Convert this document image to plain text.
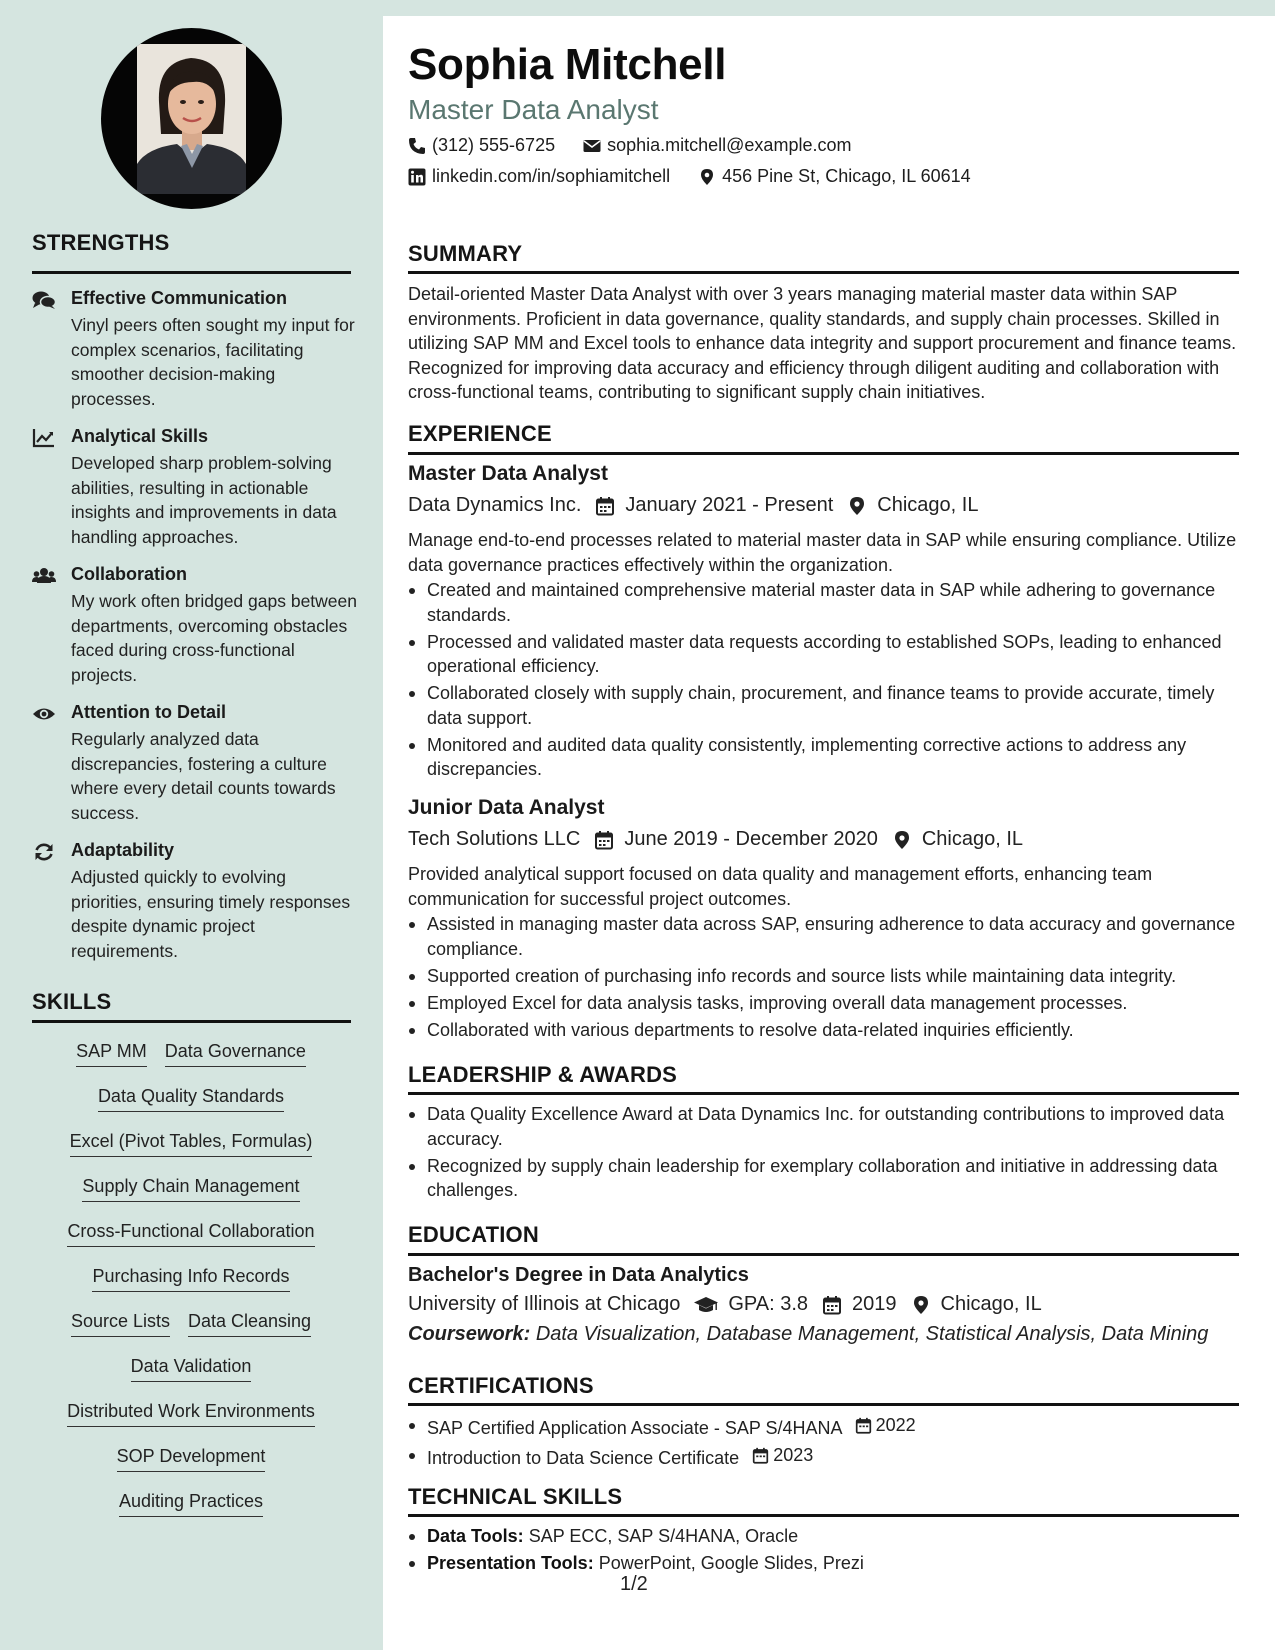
STRENGTHS
Effective Communication
Vinyl peers often sought my input for complex scenarios, facilitating smoother decision-making processes.
Analytical Skills
Developed sharp problem-solving abilities, resulting in actionable insights and improvements in data handling approaches.
Collaboration
My work often bridged gaps between departments, overcoming obstacles faced during cross-functional projects.
Attention to Detail
Regularly analyzed data discrepancies, fostering a culture where every detail counts towards success.
Adaptability
Adjusted quickly to evolving priorities, ensuring timely responses despite dynamic project requirements.
SKILLS
SAP MM Data Governance
Data Quality Standards
Excel (Pivot Tables, Formulas)
Supply Chain Management
Cross-Functional Collaboration
Purchasing Info Records
Source Lists Data Cleansing
Data Validation
Distributed Work Environments
SOP Development
Auditing Practices
Sophia Mitchell
Master Data Analyst
(312) 555-6725	sophia.mitchell@example.com
linkedin.com/in/sophiamitchell	456 Pine St, Chicago, IL 60614
SUMMARY
Detail-oriented Master Data Analyst with over 3 years managing material master data within SAP environments. Proficient in data governance, quality standards, and supply chain processes. Skilled in utilizing SAP MM and Excel tools to enhance data integrity and support procurement and finance teams. Recognized for improving data accuracy and efficiency through diligent auditing and collaboration with cross-functional teams, contributing to significant supply chain initiatives.
EXPERIENCE
Master Data Analyst
Data Dynamics Inc. January 2021 - Present Chicago, IL
Manage end-to-end processes related to material master data in SAP while ensuring compliance. Utilize data governance practices effectively within the organization.
Created and maintained comprehensive material master data in SAP while adhering to governance standards.
Processed and validated master data requests according to established SOPs, leading to enhanced operational efficiency.
Collaborated closely with supply chain, procurement, and finance teams to provide accurate, timely data support.
Monitored and audited data quality consistently, implementing corrective actions to address any discrepancies.
Junior Data Analyst
Tech Solutions LLC June 2019 - December 2020 Chicago, IL
Provided analytical support focused on data quality and management efforts, enhancing team communication for successful project outcomes.
Assisted in managing master data across SAP, ensuring adherence to data accuracy and governance compliance.
Supported creation of purchasing info records and source lists while maintaining data integrity.
Employed Excel for data analysis tasks, improving overall data management processes.
Collaborated with various departments to resolve data-related inquiries efficiently.
LEADERSHIP & AWARDS
Data Quality Excellence Award at Data Dynamics Inc. for outstanding contributions to improved data accuracy.
Recognized by supply chain leadership for exemplary collaboration and initiative in addressing data challenges.
EDUCATION
Bachelor's Degree in Data Analytics
University of Illinois at Chicago GPA: 3.8 2019 Chicago, IL
Coursework: Data Visualization, Database Management, Statistical Analysis, Data Mining
CERTIFICATIONS
SAP Certified Application Associate - SAP S/4HANA 2022
Introduction to Data Science Certificate 2023
TECHNICAL SKILLS
Data Tools: SAP ECC, SAP S/4HANA, Oracle
Presentation Tools: PowerPoint, Google Slides, Prezi
1/2
